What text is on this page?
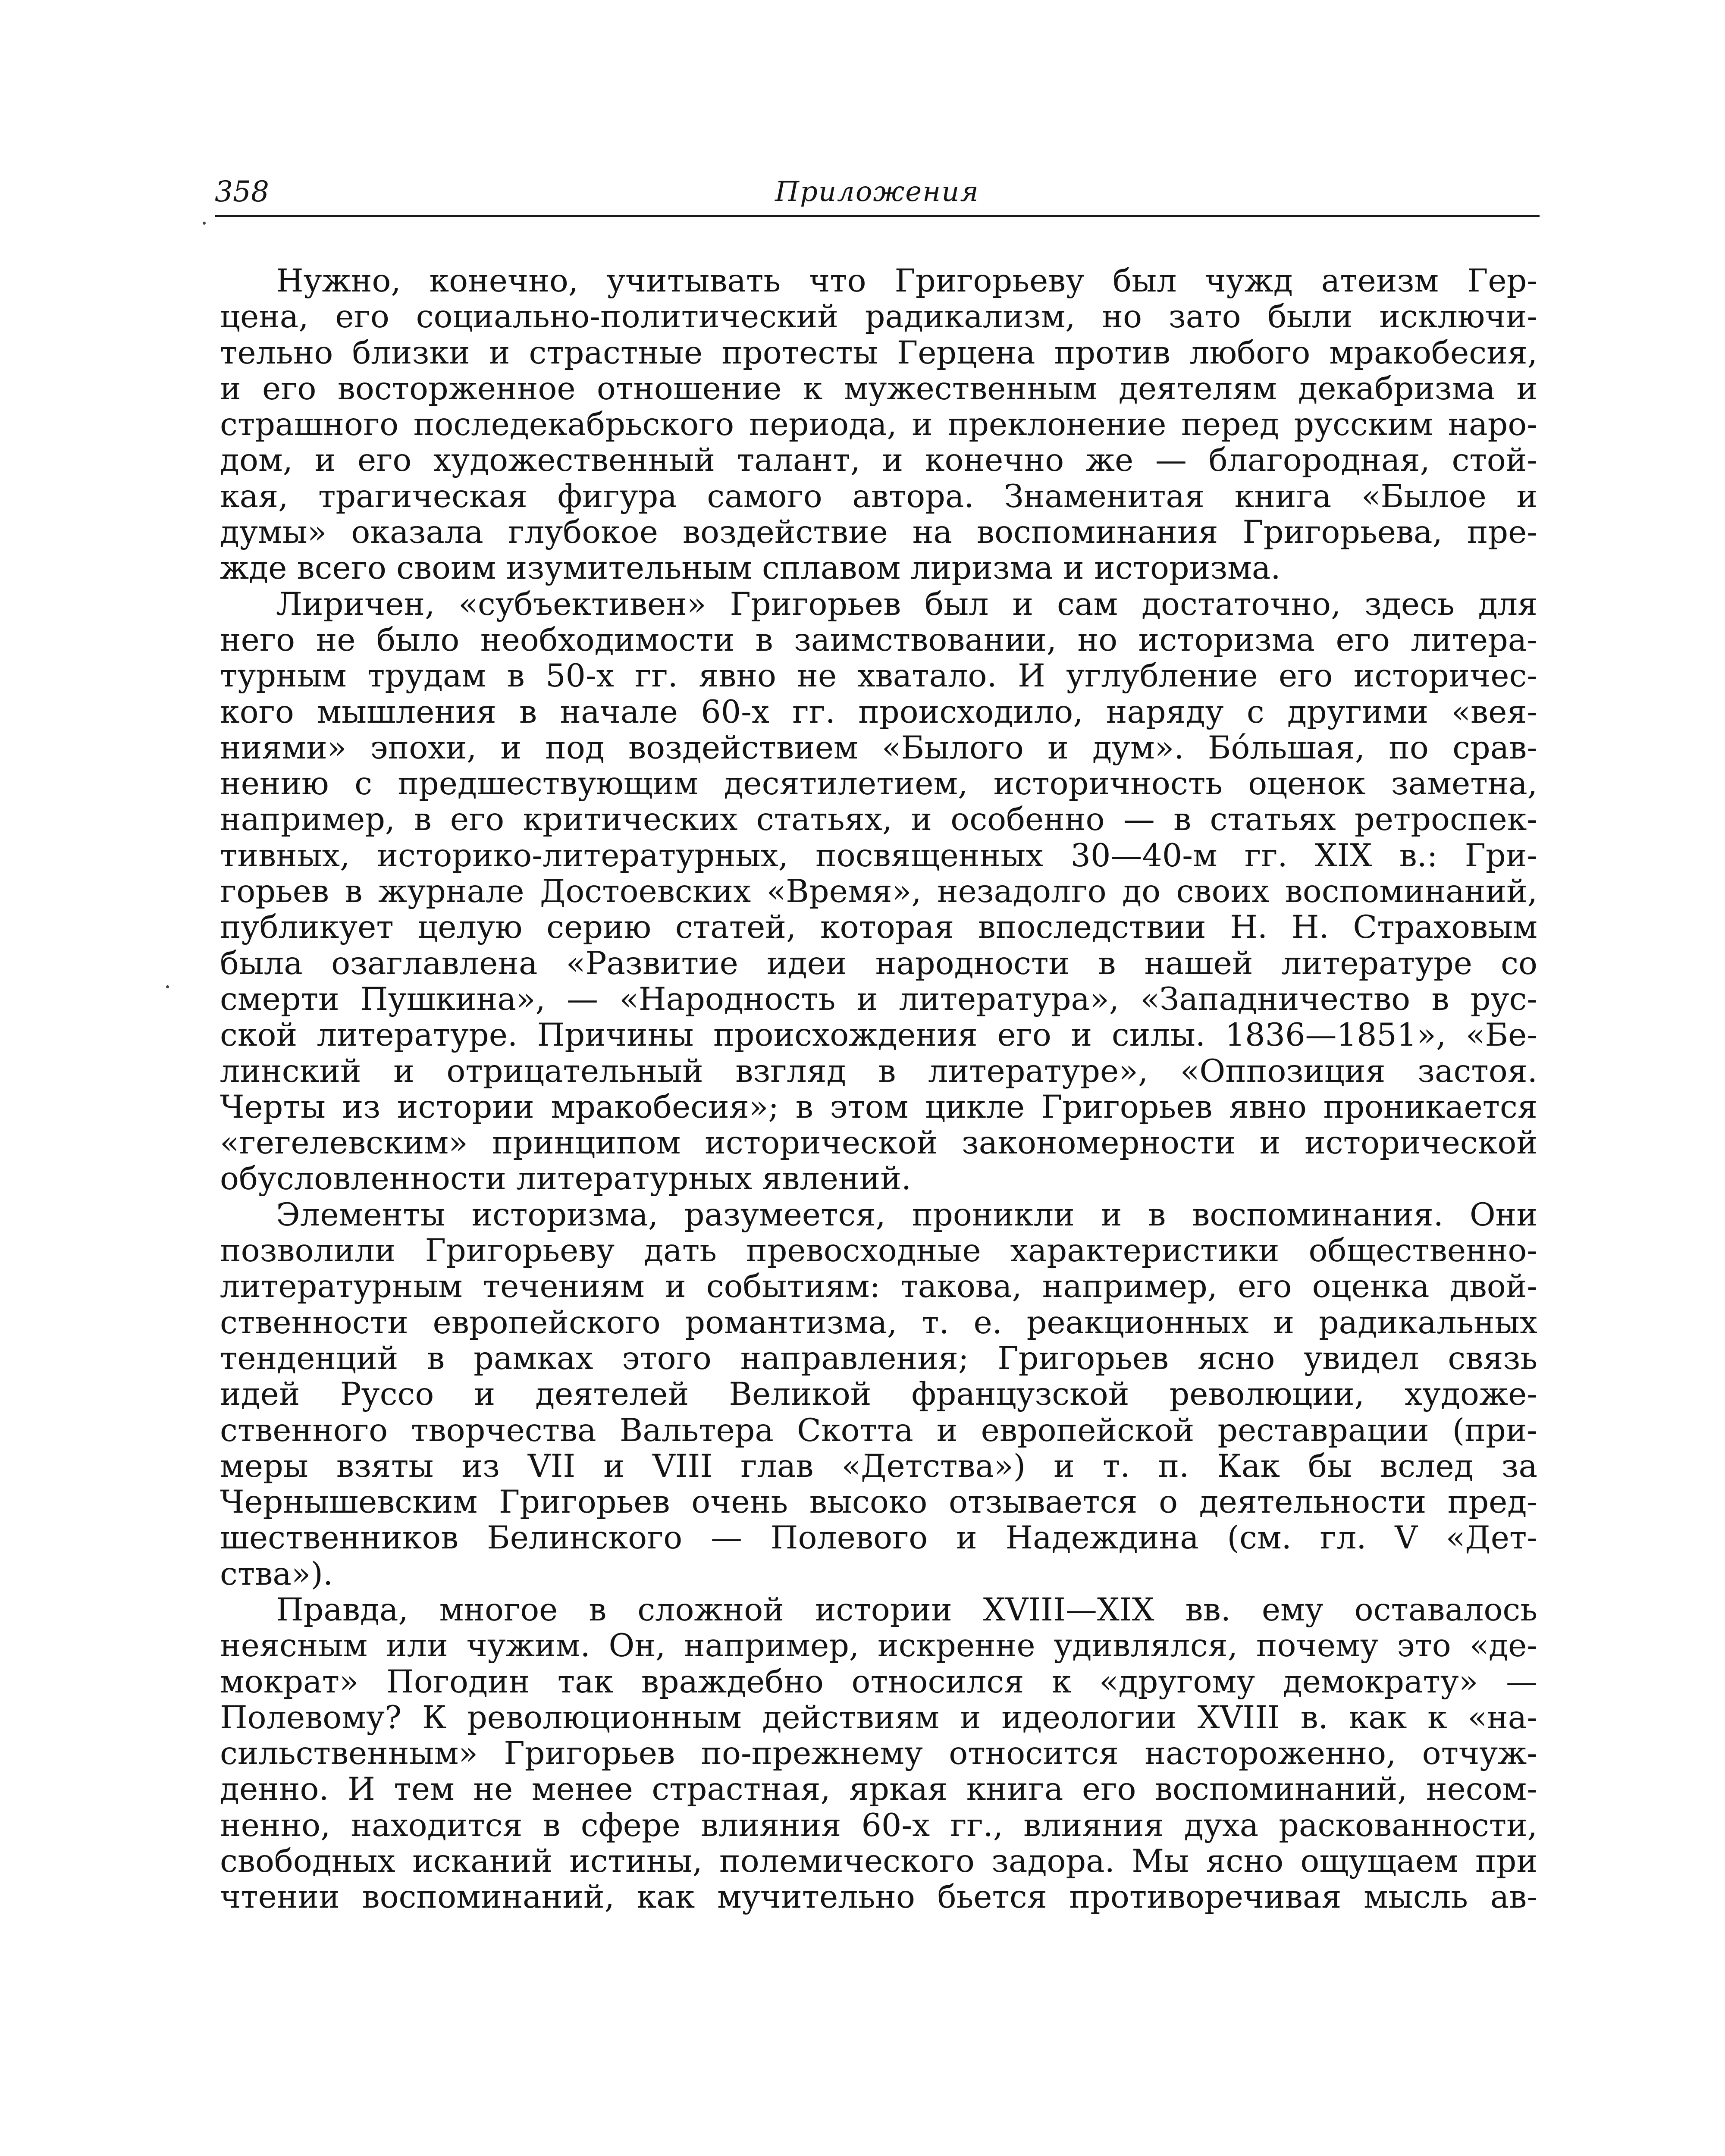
358	Приложения
Нужно, конечно, учитывать что Григорьеву был чужд атеизм Гер-
цена, его социально-политический радикализм, но зато были исключи-
тельно близки и страстные протесты Герцена против любого мракобесия,
и его восторженное отношение к мужественным деятелям декабризма и
страшного последекабрьского периода, и преклонение перед русским наро-
дом, и его художественный талант, и конечно же — благородная, стой-
кая, трагическая фигура самого автора. Знаменитая книга «Былое и
думы» оказала глубокое воздействие на воспоминания Григорьева, пре-
жде всего своим изумительным сплавом лиризма и историзма.
Лиричен, «субъективен» Григорьев был и сам достаточно, здесь для
него не было необходимости в заимствовании, но историзма его литера-
турным трудам в 50-х гг. явно не хватало. И углубление его историчес-
кого мышления в начале 60-х гг. происходило, наряду с другими «вея-
ниями» эпохи, и под воздействием «Былого и дум». Бóльшая, по срав-
нению с предшествующим десятилетием, историчность оценок заметна,
например, в его критических статьях, и особенно — в статьях ретроспек-
тивных, историко-литературных, посвященных 30—40-м гг. XIX в.: Гри-
горьев в журнале Достоевских «Время», незадолго до своих воспоминаний,
публикует целую серию статей, которая впоследствии Н. Н. Страховым
была озаглавлена «Развитие идеи народности в нашей литературе со
смерти Пушкина», — «Народность и литература», «Западничество в рус-
ской литературе. Причины происхождения его и силы. 1836—1851», «Бе-
линский и отрицательный взгляд в литературе», «Оппозиция застоя.
Черты из истории мракобесия»; в этом цикле Григорьев явно проникается
«гегелевским» принципом исторической закономерности и исторической
обусловленности литературных явлений.
Элементы историзма, разумеется, проникли и в воспоминания. Они
позволили Григорьеву дать превосходные характеристики общественно-
литературным течениям и событиям: такова, например, его оценка двой-
ственности европейского романтизма, т. е. реакционных и радикальных
тенденций в рамках этого направления; Григорьев ясно увидел связь
идей Руссо и деятелей Великой французской революции, художе-
ственного творчества Вальтера Скотта и европейской реставрации (при-
меры взяты из VII и VIII глав «Детства») и т. п. Как бы вслед за
Чернышевским Григорьев очень высоко отзывается о деятельности пред-
шественников Белинского — Полевого и Надеждина (см. гл. V «Дет-
ства»).
Правда, многое в сложной истории XVIII—XIX вв. ему оставалось
неясным или чужим. Он, например, искренне удивлялся, почему это «де-
мократ» Погодин так враждебно относился к «другому демократу» —
Полевому? К революционным действиям и идеологии XVIII в. как к «на-
сильственным» Григорьев по-прежнему относится настороженно, отчуж-
денно. И тем не менее страстная, яркая книга его воспоминаний, несом-
ненно, находится в сфере влияния 60-х гг., влияния духа раскованности,
свободных исканий истины, полемического задора. Мы ясно ощущаем при
чтении воспоминаний, как мучительно бьется противоречивая мысль ав-
